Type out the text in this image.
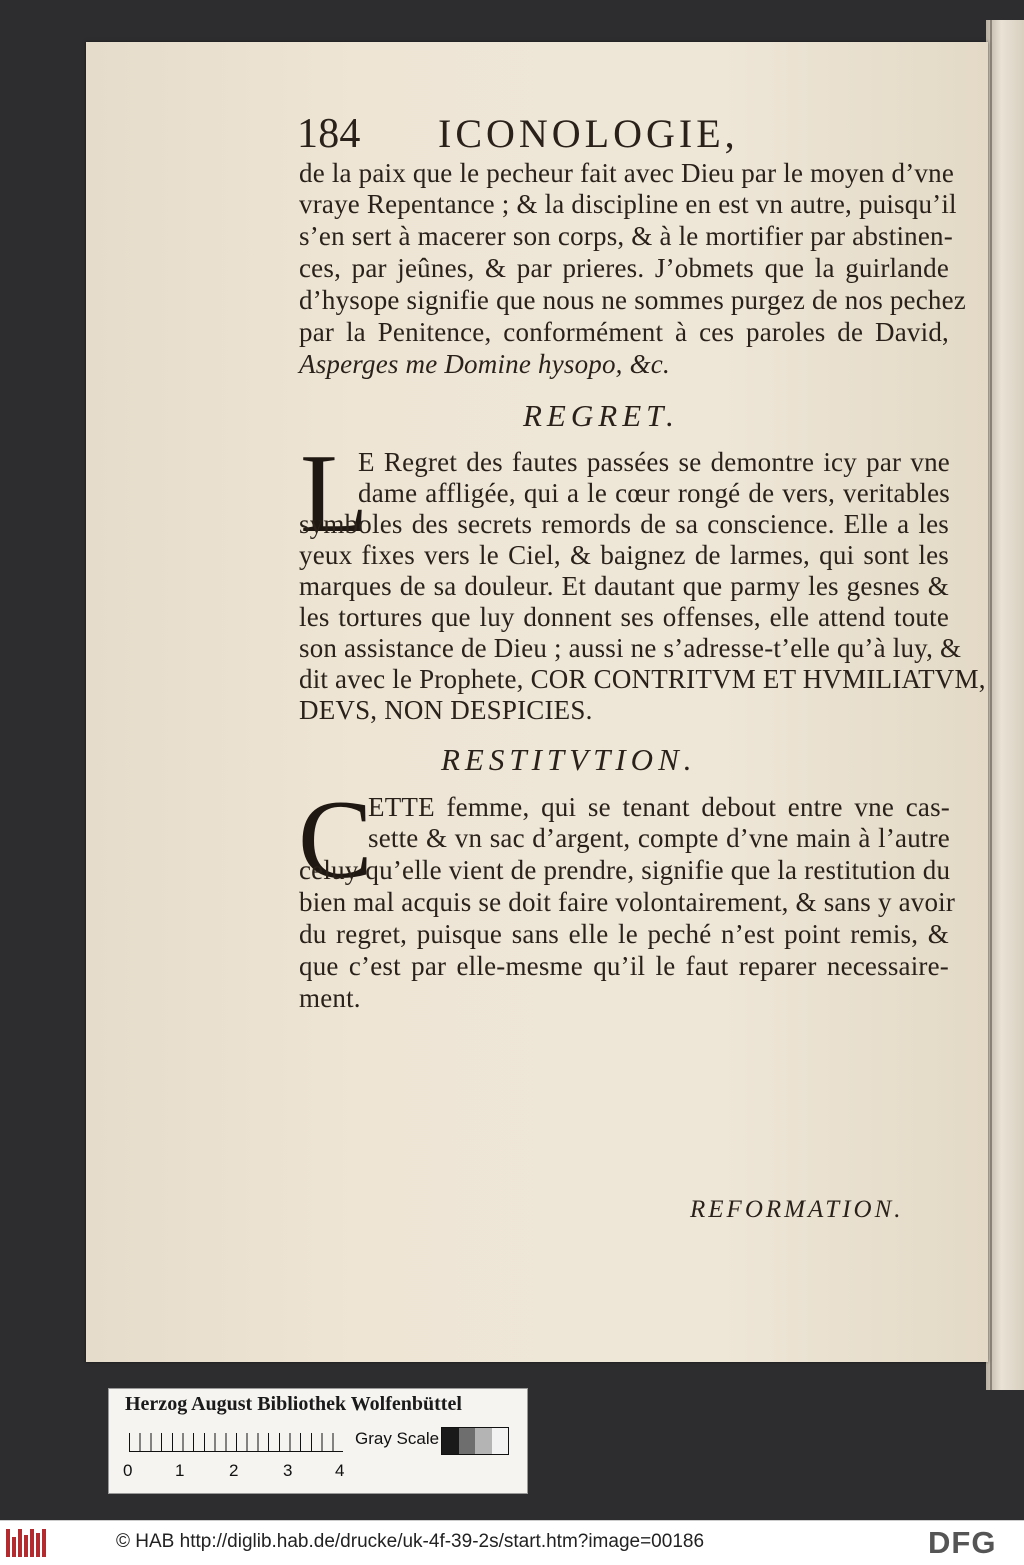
184 ICONOLOGIE,
de la paix que le pecheur fait avec Dieu par le moyen d’vne
vraye Repentance ; & la discipline en est vn autre, puisqu’il
s’en sert à macerer son corps, & à le mortifier par abstinen-
ces, par jeûnes, & par prieres. J’obmets que la guirlande
d’hysope signifie que nous ne sommes purgez de nos pechez
par la Penitence, conformément à ces paroles de David,
Asperges me Domine hysopo, &c.
REGRET.
L
E Regret des fautes passées se demontre icy par vne
dame affligée, qui a le cœur rongé de vers, veritables
symboles des secrets remords de sa conscience. Elle a les
yeux fixes vers le Ciel, & baignez de larmes, qui sont les
marques de sa douleur. Et dautant que parmy les gesnes &
les tortures que luy donnent ses offenses, elle attend toute
son assistance de Dieu ; aussi ne s’adresse-t’elle qu’à luy, &
dit avec le Prophete, COR CONTRITVM ET HVMILIATVM,
DEVS, NON DESPICIES.
RESTITVTION.
C
ETTE femme, qui se tenant debout entre vne cas-
sette & vn sac d’argent, compte d’vne main à l’autre
celuy qu’elle vient de prendre, signifie que la restitution du
bien mal acquis se doit faire volontairement, & sans y avoir
du regret, puisque sans elle le peché n’est point remis, &
que c’est par elle-mesme qu’il le faut reparer necessaire-
ment.
REFORMATION.
Herzog August Bibliothek Wolfenbüttel
0	1	2	3	4
Gray Scale
© HAB http://diglib.hab.de/drucke/uk-4f-39-2s/start.htm?image=00186	DFG
